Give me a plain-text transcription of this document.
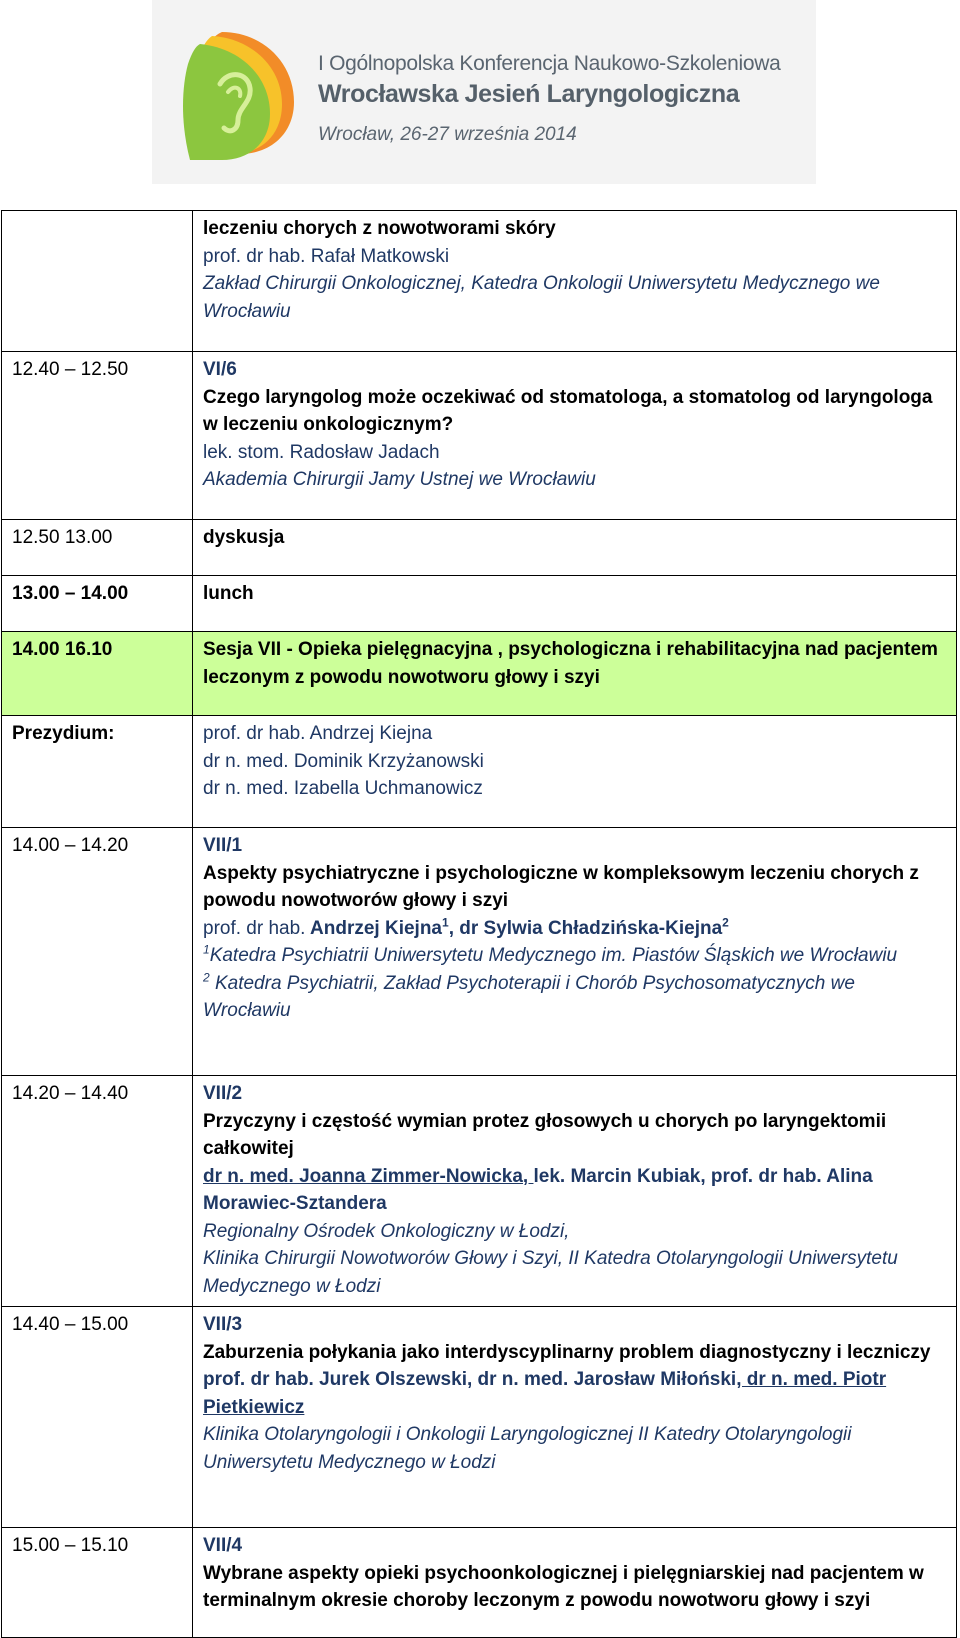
I Ogólnopolska Konferencja Naukowo-Szkoleniowa
Wrocławska Jesień Laryngologiczna
Wrocław, 26-27 września 2014

	leczeniu chorych z nowotworami skóry
prof. dr hab. Rafał Matkowski
Zakład Chirurgii Onkologicznej, Katedra Onkologii Uniwersytetu Medycznego we Wrocławiu

12.40 – 12.50	VI/6
Czego laryngolog może oczekiwać od stomatologa, a stomatolog od laryngologa w leczeniu onkologicznym?
lek. stom. Radosław Jadach
Akademia Chirurgii Jamy Ustnej we Wrocławiu

12.50 13.00	dyskusja
13.00 – 14.00	lunch
14.00 16.10	Sesja VII - Opieka pielęgnacyjna , psychologiczna i rehabilitacyjna nad pacjentem leczonym z powodu nowotworu głowy i szyi
Prezydium:	prof. dr hab. Andrzej Kiejna
dr n. med. Dominik Krzyżanowski
dr n. med. Izabella Uchmanowicz

14.00 – 14.20	VII/1
Aspekty psychiatryczne i psychologiczne w kompleksowym leczeniu chorych z powodu nowotworów głowy i szyi
prof. dr hab. Andrzej Kiejna$^1$, dr Sylwia Chładzińska-Kiejna$^2$
$^1$Katedra Psychiatrii Uniwersytetu Medycznego im. Piastów Śląskich we Wrocławiu
$^2$ Katedra Psychiatrii, Zakład Psychoterapii i Chorób Psychosomatycznych we Wrocławiu

14.20 – 14.40	VII/2
Przyczyny i częstość wymian protez głosowych u chorych po laryngektomii całkowitej
dr n. med. Joanna Zimmer-Nowicka, lek. Marcin Kubiak, prof. dr hab. Alina Morawiec-Sztandera
Regionalny Ośrodek Onkologiczny w Łodzi,
Klinika Chirurgii Nowotworów Głowy i Szyi, II Katedra Otolaryngologii Uniwersytetu Medycznego w Łodzi

14.40 – 15.00	VII/3
Zaburzenia połykania jako interdyscyplinarny problem diagnostyczny i leczniczy
prof. dr hab. Jurek Olszewski, dr n. med. Jarosław Miłoński, dr n. med. Piotr Pietkiewicz
Klinika Otolaryngologii i Onkologii Laryngologicznej II Katedry Otolaryngologii Uniwersytetu Medycznego w Łodzi

15.00 – 15.10	VII/4
Wybrane aspekty opieki psychoonkologicznej i pielęgniarskiej nad pacjentem w terminalnym okresie choroby leczonym z powodu nowotworu głowy i szyi
